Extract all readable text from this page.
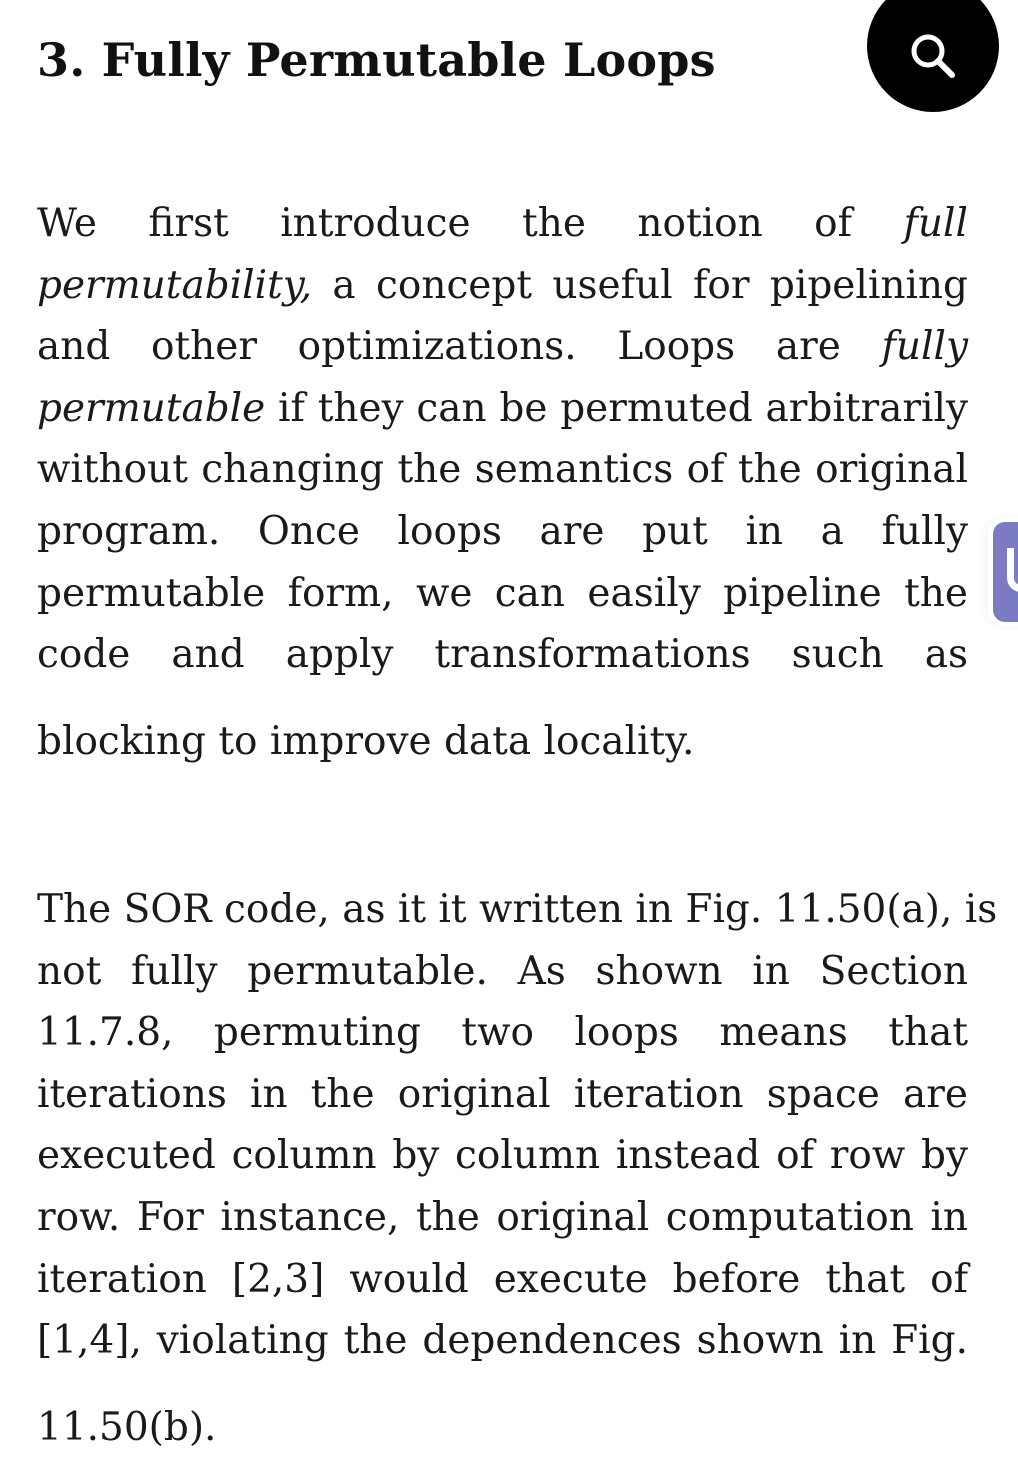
3. Fully Permutable Loops

We first introduce the notion of full
permutability, a concept useful for pipelining
and other optimizations. Loops are fully
permutable if they can be permuted arbitrarily
without changing the semantics of the original
program. Once loops are put in a fully
permutable form, we can easily pipeline the
code and apply transformations such as
blocking to improve data locality.

The SOR code, as it it written in Fig. 11.50(a), is
not fully permutable. As shown in Section
11.7.8, permuting two loops means that
iterations in the original iteration space are
executed column by column instead of row by
row. For instance, the original computation in
iteration [2,3] would execute before that of
[1,4], violating the dependences shown in Fig.
11.50(b).
